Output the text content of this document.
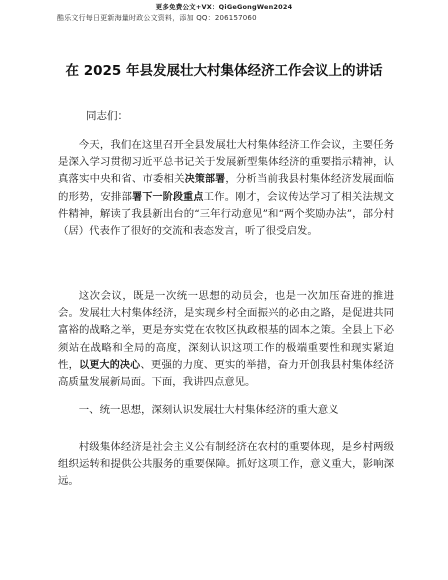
更多免费公文+VX：QiGeGongWen2024
酷乐文行每日更新海量时政公文资料，添加 QQ：206157060
在 2025 年县发展壮大村集体经济工作会议上的讲话
同志们：

今天，我们在这里召开全县发展壮大村集体经济工作会议，主要任务是深入学习贯彻习近平总书记关于发展新型集体经济的重要指示精神，认真落实中央和省、市委相关决策部署，分析当前我县村集体经济发展面临的形势，安排部署下一阶段重点工作。刚才，会议传达学习了相关法规文件精神，解读了我县新出台的“三年行动意见”和“两个奖励办法”，部分村（居）代表作了很好的交流和表态发言，听了很受启发。

这次会议，既是一次统一思想的动员会，也是一次加压奋进的推进会。发展壮大村集体经济，是实现乡村全面振兴的必由之路，是促进共同富裕的战略之举，更是夯实党在农牧区执政根基的固本之策。全县上下必须站在战略和全局的高度，深刻认识这项工作的极端重要性和现实紧迫性，以更大的决心、更强的力度、更实的举措，奋力开创我县村集体经济高质量发展新局面。下面，我讲四点意见。

一、统一思想，深刻认识发展壮大村集体经济的重大意义

村级集体经济是社会主义公有制经济在农村的重要体现，是乡村两级组织运转和提供公共服务的重要保障。抓好这项工作，意义重大，影响深远。
